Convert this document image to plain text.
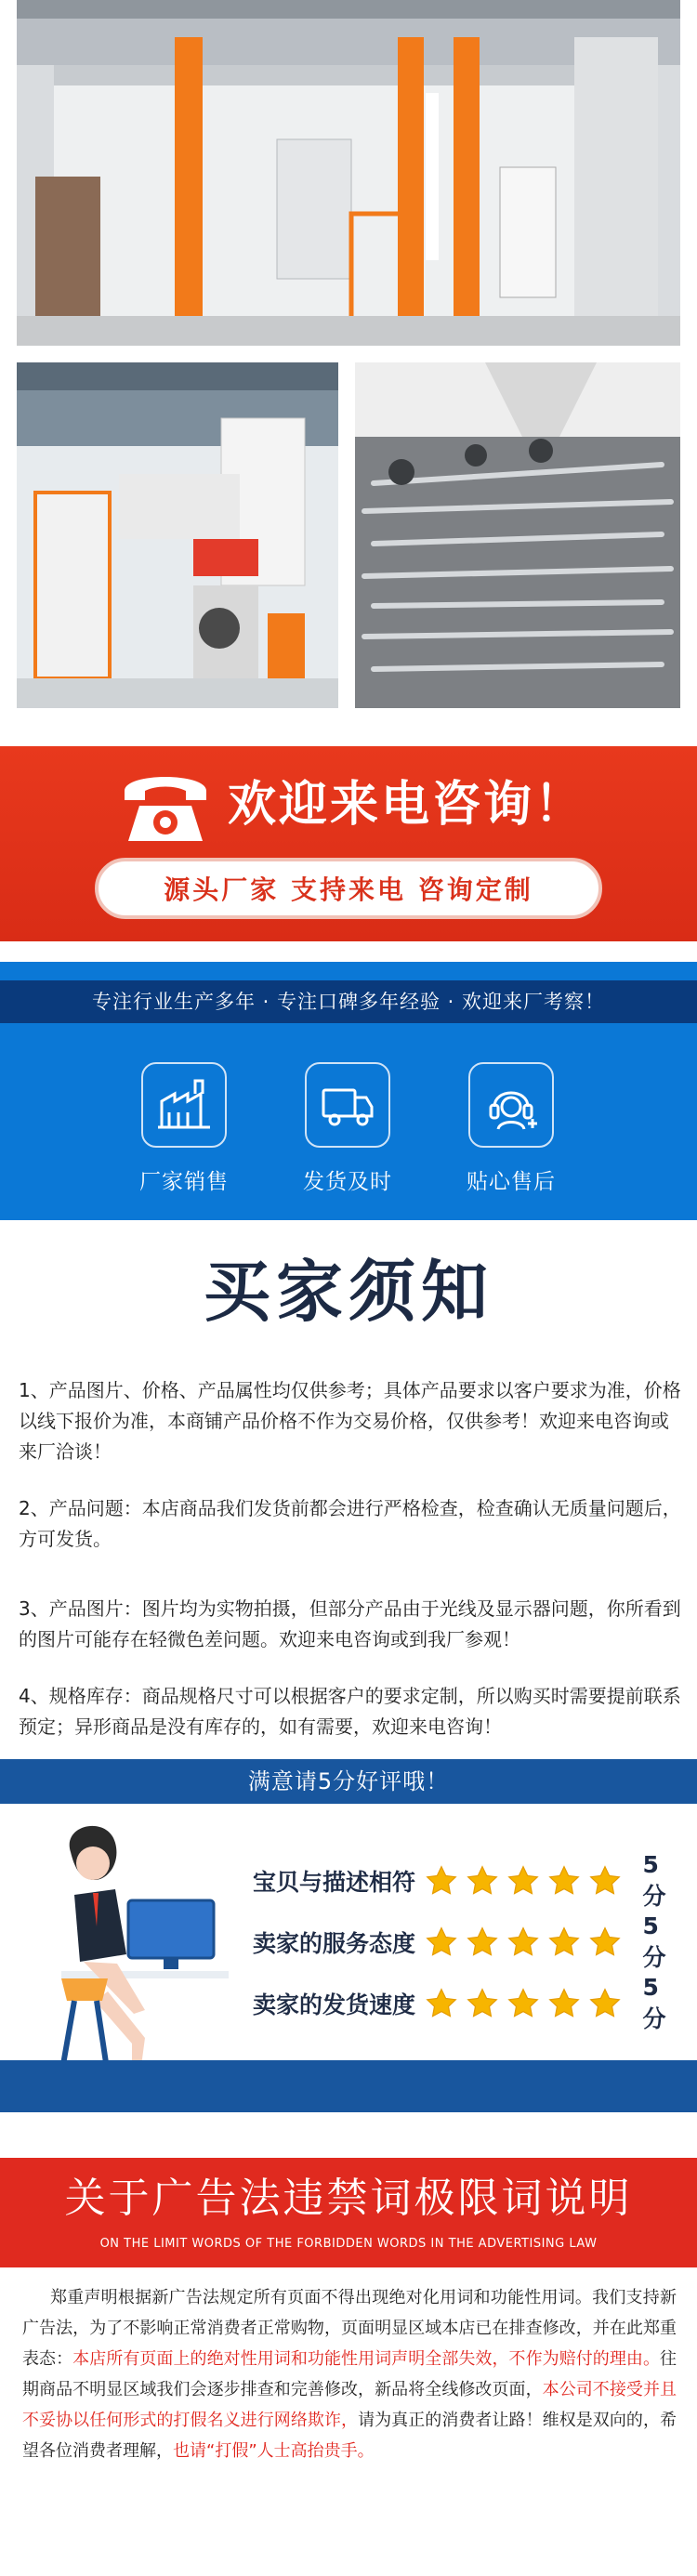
欢迎来电咨询！
源头厂家 支持来电 咨询定制
专注行业生产多年 · 专注口碑多年经验 · 欢迎来厂考察！
厂家销售	发货及时	贴心售后
买家须知

1、产品图片、价格、产品属性均仅供参考；具体产品要求以客户要求为准，价格以线下报价为准，本商铺产品价格不作为交易价格，仅供参考！欢迎来电咨询或来厂洽谈！

2、产品问题：本店商品我们发货前都会进行严格检查，检查确认无质量问题后，方可发货。

3、产品图片：图片均为实物拍摄，但部分产品由于光线及显示器问题，你所看到的图片可能存在轻微色差问题。欢迎来电咨询或到我厂参观！

4、规格库存：商品规格尺寸可以根据客户的要求定制，所以购买时需要提前联系预定；异形商品是没有库存的，如有需要，欢迎来电咨询！

满意请5分好评哦！
宝贝与描述相符
5分
卖家的服务态度
5分
卖家的发货速度
5分
关于广告法违禁词极限词说明
ON THE LIMIT WORDS OF THE FORBIDDEN WORDS IN THE ADVERTISING LAW

郑重声明根据新广告法规定所有页面不得出现绝对化用词和功能性用词。我们支持新广告法，为了不影响正常消费者正常购物，页面明显区域本店已在排查修改，并在此郑重表态：本店所有页面上的绝对性用词和功能性用词声明全部失效，不作为赔付的理由。往期商品不明显区域我们会逐步排查和完善修改，新品将全线修改页面，本公司不接受并且不妥协以任何形式的打假名义进行网络欺诈，请为真正的消费者让路！维权是双向的，希望各位消费者理解，也请“打假”人士高抬贵手。
